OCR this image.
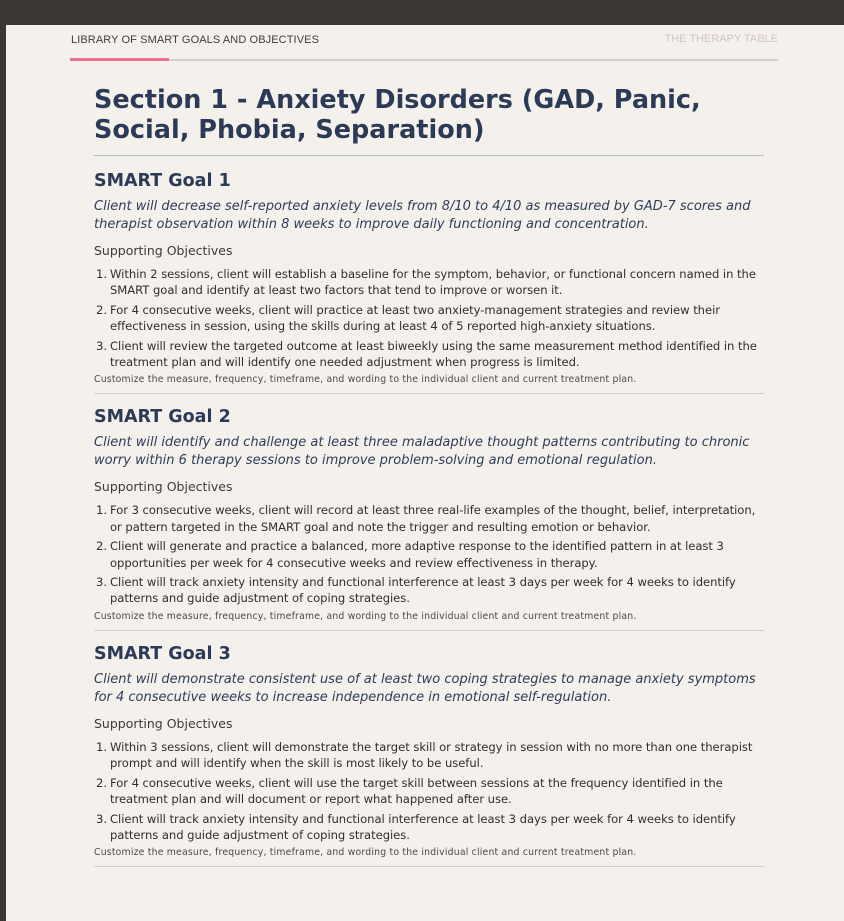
LIBRARY OF SMART GOALS AND OBJECTIVES	THE THERAPY TABLE
Section 1 - Anxiety Disorders (GAD, Panic, Social, Phobia, Separation)
SMART Goal 1

Client will decrease self-reported anxiety levels from 8/10 to 4/10 as measured by GAD-7 scores and therapist observation within 8 weeks to improve daily functioning and concentration.

Supporting Objectives

1. Within 2 sessions, client will establish a baseline for the symptom, behavior, or functional concern named in the SMART goal and identify at least two factors that tend to improve or worsen it.
2. For 4 consecutive weeks, client will practice at least two anxiety-management strategies and review their effectiveness in session, using the skills during at least 4 of 5 reported high-anxiety situations.
3. Client will review the targeted outcome at least biweekly using the same measurement method identified in the treatment plan and will identify one needed adjustment when progress is limited.

Customize the measure, frequency, timeframe, and wording to the individual client and current treatment plan.

SMART Goal 2

Client will identify and challenge at least three maladaptive thought patterns contributing to chronic worry within 6 therapy sessions to improve problem-solving and emotional regulation.

Supporting Objectives

1. For 3 consecutive weeks, client will record at least three real-life examples of the thought, belief, interpretation, or pattern targeted in the SMART goal and note the trigger and resulting emotion or behavior.
2. Client will generate and practice a balanced, more adaptive response to the identified pattern in at least 3 opportunities per week for 4 consecutive weeks and review effectiveness in therapy.
3. Client will track anxiety intensity and functional interference at least 3 days per week for 4 weeks to identify patterns and guide adjustment of coping strategies.

Customize the measure, frequency, timeframe, and wording to the individual client and current treatment plan.

SMART Goal 3

Client will demonstrate consistent use of at least two coping strategies to manage anxiety symptoms for 4 consecutive weeks to increase independence in emotional self-regulation.

Supporting Objectives

1. Within 3 sessions, client will demonstrate the target skill or strategy in session with no more than one therapist prompt and will identify when the skill is most likely to be useful.
2. For 4 consecutive weeks, client will use the target skill between sessions at the frequency identified in the treatment plan and will document or report what happened after use.
3. Client will track anxiety intensity and functional interference at least 3 days per week for 4 weeks to identify patterns and guide adjustment of coping strategies.

Customize the measure, frequency, timeframe, and wording to the individual client and current treatment plan.
